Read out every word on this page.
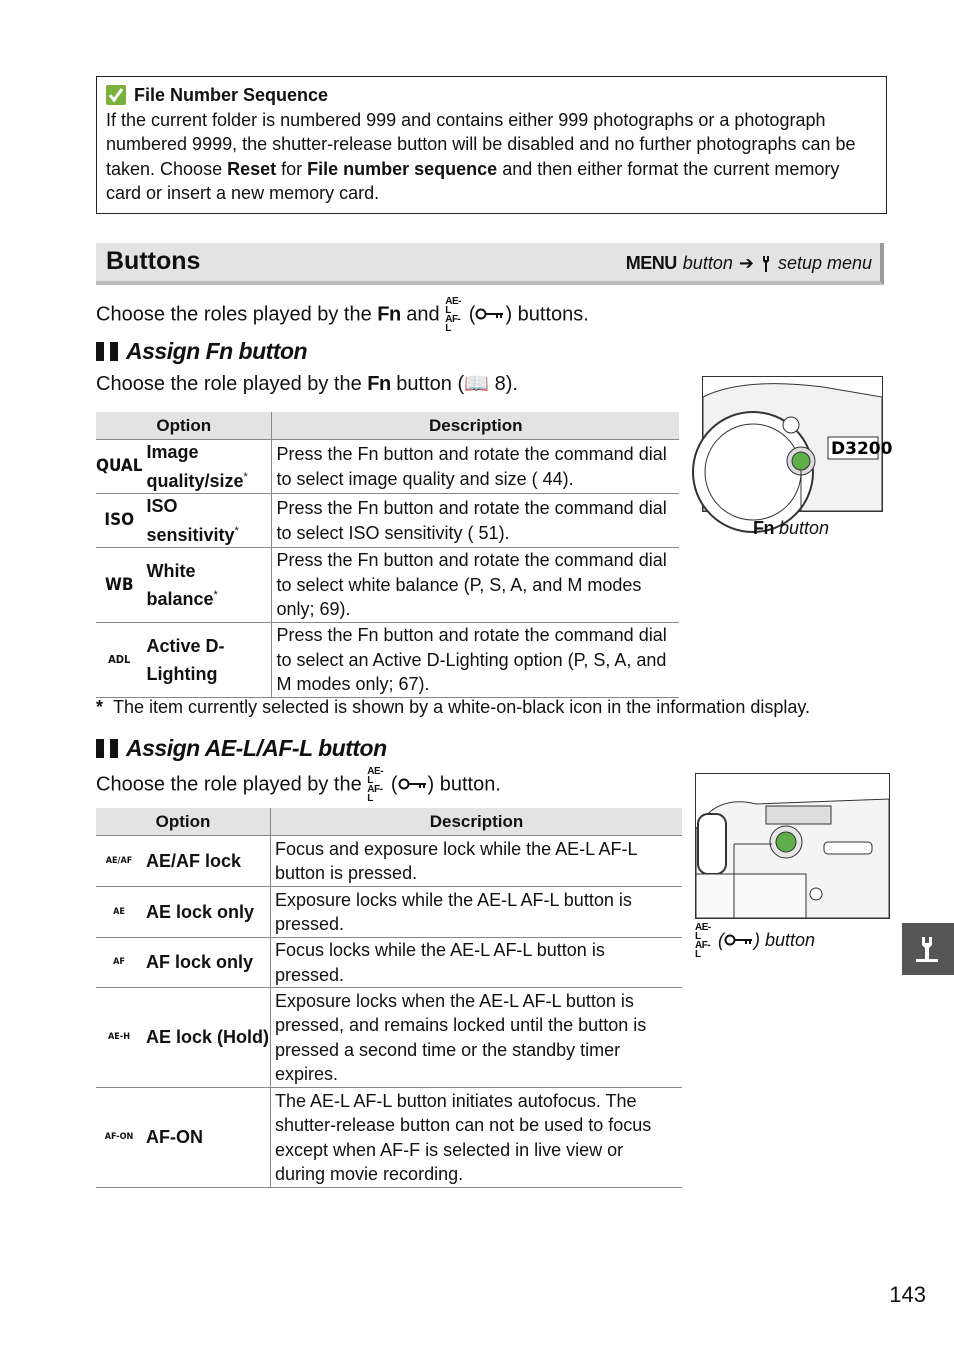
File Number Sequence
If the current folder is numbered 999 and contains either 999 photographs or a photograph numbered 9999, the shutter-release button will be disabled and no further photographs can be taken. Choose Reset for File number sequence and then either format the current memory card or insert a new memory card.
Buttons	MENU button ➔ setup menu
Choose the roles played by the Fn and AE-L AF-L ( ) buttons.
Assign Fn button
Choose the role played by the Fn button (📖 8).
D3200
Fn button
Option		Description
QUAL	Image quality/size*	Press the Fn button and rotate the command dial to select image quality and size ( 44).
ISO	ISO sensitivity*	Press the Fn button and rotate the command dial to select ISO sensitivity ( 51).
WB	White balance*	Press the Fn button and rotate the command dial to select white balance (P, S, A, and M modes only; 69).
ADL	Active D-Lighting	Press the Fn button and rotate the command dial to select an Active D-Lighting option (P, S, A, and M modes only; 67).
* The item currently selected is shown by a white-on-black icon in the information display.
Assign AE-L/AF-L button
Choose the role played by the AE-L AF-L ( ) button.
AE-L AF-L ( ) button
Option		Description
AE/AF	AE/AF lock	Focus and exposure lock while the AE-L AF-L button is pressed.
AE	AE lock only	Exposure locks while the AE-L AF-L button is pressed.
AF	AF lock only	Focus locks while the AE-L AF-L button is pressed.
AE-H	AE lock (Hold)	Exposure locks when the AE-L AF-L button is pressed, and remains locked until the button is pressed a second time or the standby timer expires.
AF-ON	AF-ON	The AE-L AF-L button initiates autofocus. The shutter-release button can not be used to focus except when AF-F is selected in live view or during movie recording.
143
